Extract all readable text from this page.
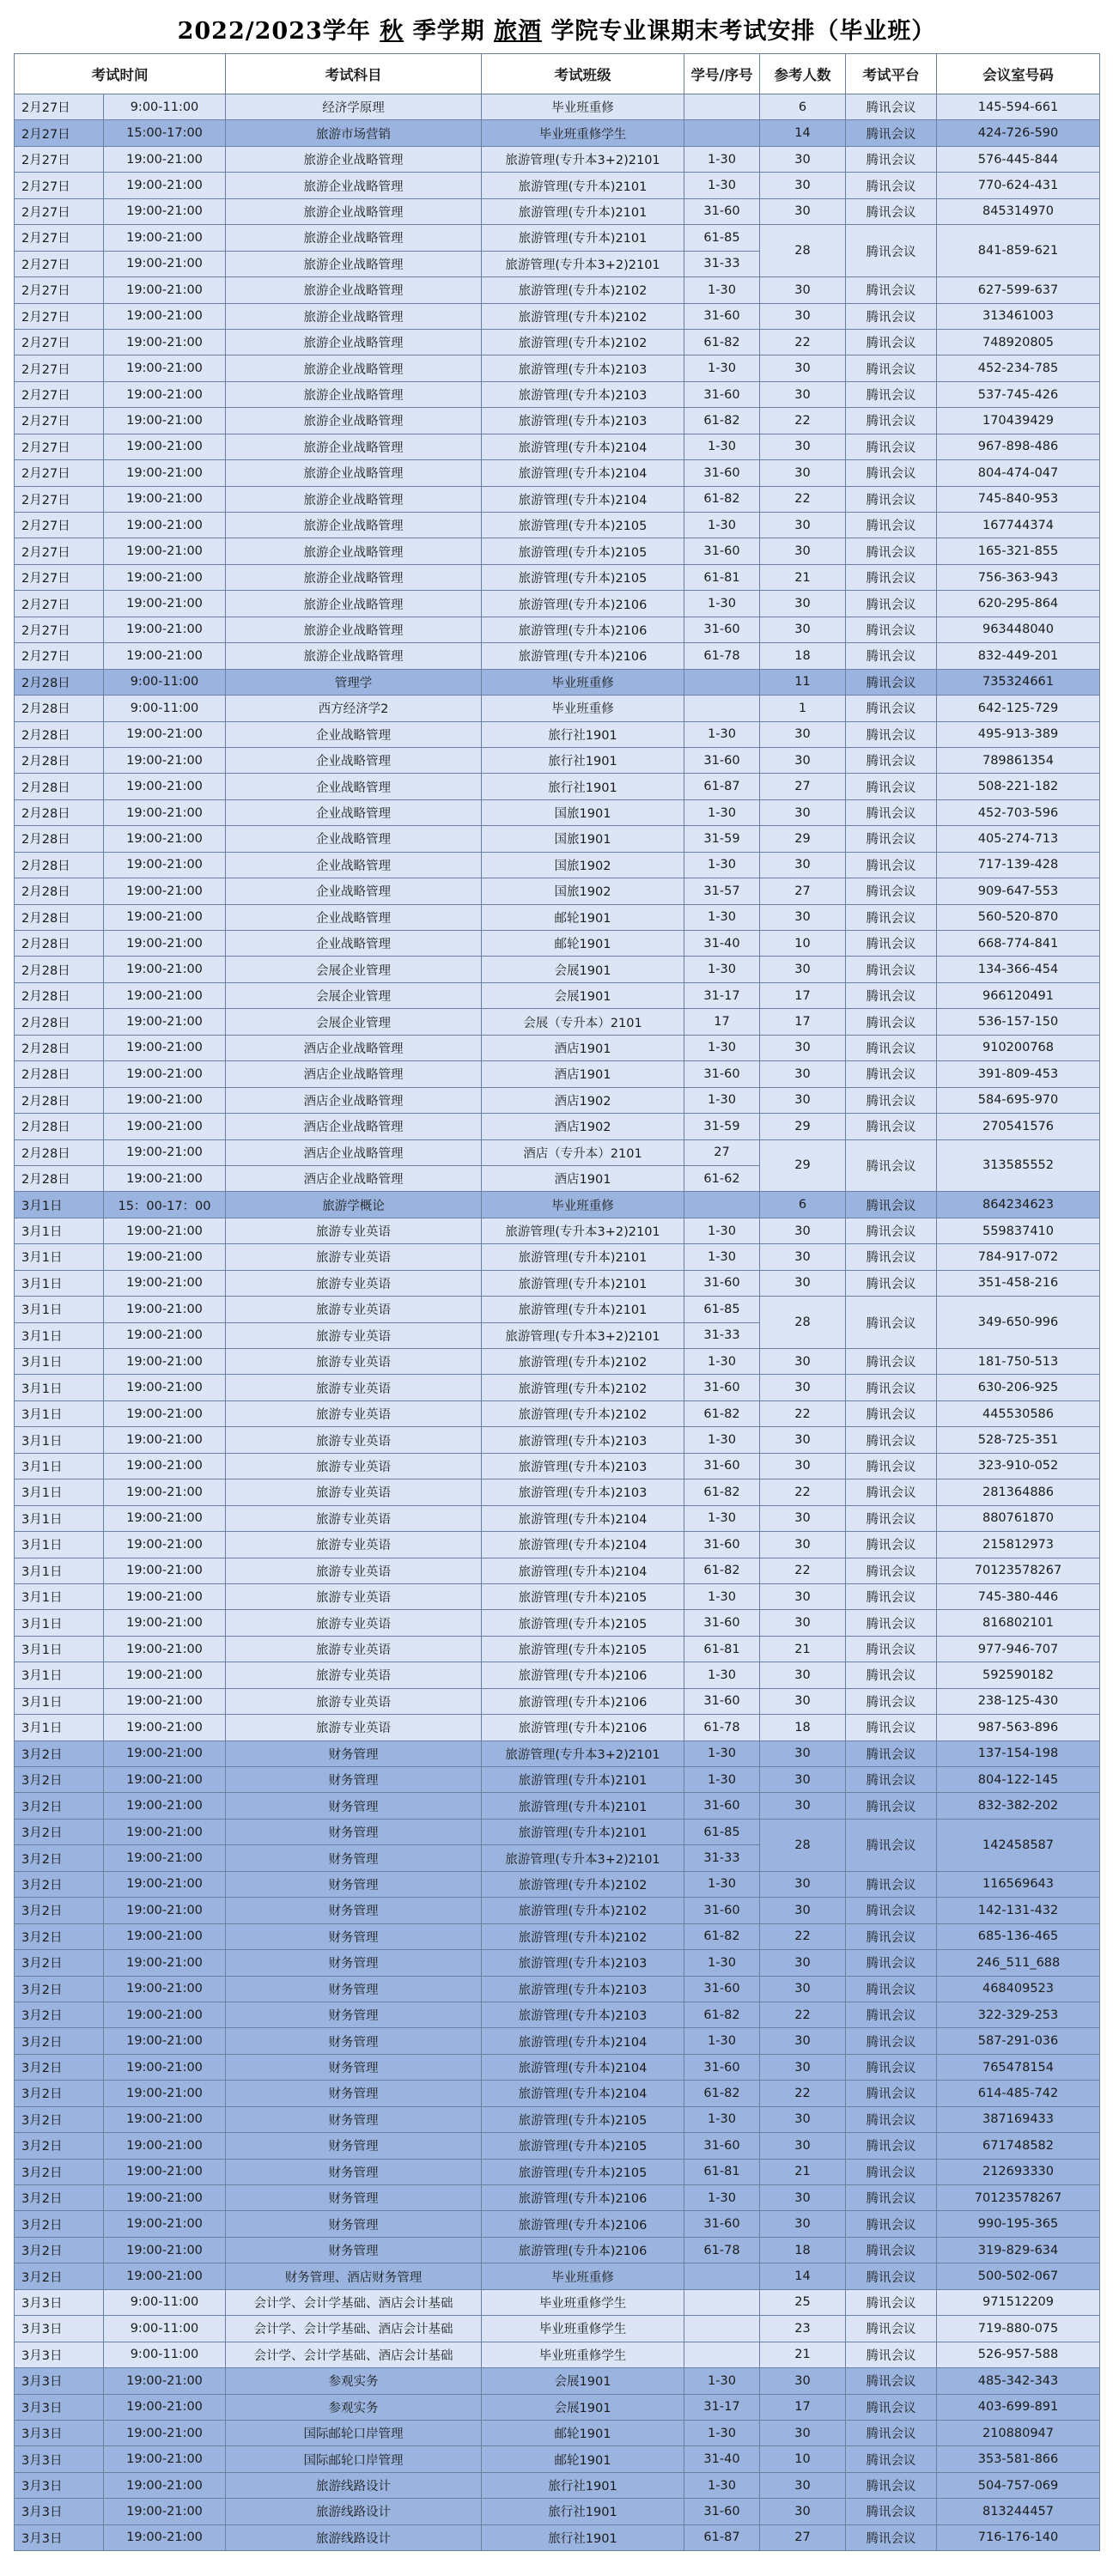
2022/2023学年 秋 季学期 旅酒 学院专业课期末考试安排（毕业班）
考试时间		考试科目	考试班级	学号/序号	参考人数	考试平台	会议室号码
2月27日	9:00-11:00	经济学原理	毕业班重修		6	腾讯会议	145-594-661
2月27日	15:00-17:00	旅游市场营销	毕业班重修学生		14	腾讯会议	424-726-590
2月27日	19:00-21:00	旅游企业战略管理	旅游管理(专升本3+2)2101	1-30	30	腾讯会议	576-445-844
2月27日	19:00-21:00	旅游企业战略管理	旅游管理(专升本)2101	1-30	30	腾讯会议	770-624-431
2月27日	19:00-21:00	旅游企业战略管理	旅游管理(专升本)2101	31-60	30	腾讯会议	845314970
2月27日	19:00-21:00	旅游企业战略管理	旅游管理(专升本)2101	61-85	28	腾讯会议	841-859-621
2月27日	19:00-21:00	旅游企业战略管理	旅游管理(专升本3+2)2101	31-33			
2月27日	19:00-21:00	旅游企业战略管理	旅游管理(专升本)2102	1-30	30	腾讯会议	627-599-637
2月27日	19:00-21:00	旅游企业战略管理	旅游管理(专升本)2102	31-60	30	腾讯会议	313461003
2月27日	19:00-21:00	旅游企业战略管理	旅游管理(专升本)2102	61-82	22	腾讯会议	748920805
2月27日	19:00-21:00	旅游企业战略管理	旅游管理(专升本)2103	1-30	30	腾讯会议	452-234-785
2月27日	19:00-21:00	旅游企业战略管理	旅游管理(专升本)2103	31-60	30	腾讯会议	537-745-426
2月27日	19:00-21:00	旅游企业战略管理	旅游管理(专升本)2103	61-82	22	腾讯会议	170439429
2月27日	19:00-21:00	旅游企业战略管理	旅游管理(专升本)2104	1-30	30	腾讯会议	967-898-486
2月27日	19:00-21:00	旅游企业战略管理	旅游管理(专升本)2104	31-60	30	腾讯会议	804-474-047
2月27日	19:00-21:00	旅游企业战略管理	旅游管理(专升本)2104	61-82	22	腾讯会议	745-840-953
2月27日	19:00-21:00	旅游企业战略管理	旅游管理(专升本)2105	1-30	30	腾讯会议	167744374
2月27日	19:00-21:00	旅游企业战略管理	旅游管理(专升本)2105	31-60	30	腾讯会议	165-321-855
2月27日	19:00-21:00	旅游企业战略管理	旅游管理(专升本)2105	61-81	21	腾讯会议	756-363-943
2月27日	19:00-21:00	旅游企业战略管理	旅游管理(专升本)2106	1-30	30	腾讯会议	620-295-864
2月27日	19:00-21:00	旅游企业战略管理	旅游管理(专升本)2106	31-60	30	腾讯会议	963448040
2月27日	19:00-21:00	旅游企业战略管理	旅游管理(专升本)2106	61-78	18	腾讯会议	832-449-201
2月28日	9:00-11:00	管理学	毕业班重修		11	腾讯会议	735324661
2月28日	9:00-11:00	西方经济学2	毕业班重修		1	腾讯会议	642-125-729
2月28日	19:00-21:00	企业战略管理	旅行社1901	1-30	30	腾讯会议	495-913-389
2月28日	19:00-21:00	企业战略管理	旅行社1901	31-60	30	腾讯会议	789861354
2月28日	19:00-21:00	企业战略管理	旅行社1901	61-87	27	腾讯会议	508-221-182
2月28日	19:00-21:00	企业战略管理	国旅1901	1-30	30	腾讯会议	452-703-596
2月28日	19:00-21:00	企业战略管理	国旅1901	31-59	29	腾讯会议	405-274-713
2月28日	19:00-21:00	企业战略管理	国旅1902	1-30	30	腾讯会议	717-139-428
2月28日	19:00-21:00	企业战略管理	国旅1902	31-57	27	腾讯会议	909-647-553
2月28日	19:00-21:00	企业战略管理	邮轮1901	1-30	30	腾讯会议	560-520-870
2月28日	19:00-21:00	企业战略管理	邮轮1901	31-40	10	腾讯会议	668-774-841
2月28日	19:00-21:00	会展企业管理	会展1901	1-30	30	腾讯会议	134-366-454
2月28日	19:00-21:00	会展企业管理	会展1901	31-17	17	腾讯会议	966120491
2月28日	19:00-21:00	会展企业管理	会展（专升本）2101	17	17	腾讯会议	536-157-150
2月28日	19:00-21:00	酒店企业战略管理	酒店1901	1-30	30	腾讯会议	910200768
2月28日	19:00-21:00	酒店企业战略管理	酒店1901	31-60	30	腾讯会议	391-809-453
2月28日	19:00-21:00	酒店企业战略管理	酒店1902	1-30	30	腾讯会议	584-695-970
2月28日	19:00-21:00	酒店企业战略管理	酒店1902	31-59	29	腾讯会议	270541576
2月28日	19:00-21:00	酒店企业战略管理	酒店（专升本）2101	27	29	腾讯会议	313585552
2月28日	19:00-21:00	酒店企业战略管理	酒店1901	61-62			
3月1日	15：00-17：00	旅游学概论	毕业班重修		6	腾讯会议	864234623
3月1日	19:00-21:00	旅游专业英语	旅游管理(专升本3+2)2101	1-30	30	腾讯会议	559837410
3月1日	19:00-21:00	旅游专业英语	旅游管理(专升本)2101	1-30	30	腾讯会议	784-917-072
3月1日	19:00-21:00	旅游专业英语	旅游管理(专升本)2101	31-60	30	腾讯会议	351-458-216
3月1日	19:00-21:00	旅游专业英语	旅游管理(专升本)2101	61-85	28	腾讯会议	349-650-996
3月1日	19:00-21:00	旅游专业英语	旅游管理(专升本3+2)2101	31-33			
3月1日	19:00-21:00	旅游专业英语	旅游管理(专升本)2102	1-30	30	腾讯会议	181-750-513
3月1日	19:00-21:00	旅游专业英语	旅游管理(专升本)2102	31-60	30	腾讯会议	630-206-925
3月1日	19:00-21:00	旅游专业英语	旅游管理(专升本)2102	61-82	22	腾讯会议	445530586
3月1日	19:00-21:00	旅游专业英语	旅游管理(专升本)2103	1-30	30	腾讯会议	528-725-351
3月1日	19:00-21:00	旅游专业英语	旅游管理(专升本)2103	31-60	30	腾讯会议	323-910-052
3月1日	19:00-21:00	旅游专业英语	旅游管理(专升本)2103	61-82	22	腾讯会议	281364886
3月1日	19:00-21:00	旅游专业英语	旅游管理(专升本)2104	1-30	30	腾讯会议	880761870
3月1日	19:00-21:00	旅游专业英语	旅游管理(专升本)2104	31-60	30	腾讯会议	215812973
3月1日	19:00-21:00	旅游专业英语	旅游管理(专升本)2104	61-82	22	腾讯会议	70123578267
3月1日	19:00-21:00	旅游专业英语	旅游管理(专升本)2105	1-30	30	腾讯会议	745-380-446
3月1日	19:00-21:00	旅游专业英语	旅游管理(专升本)2105	31-60	30	腾讯会议	816802101
3月1日	19:00-21:00	旅游专业英语	旅游管理(专升本)2105	61-81	21	腾讯会议	977-946-707
3月1日	19:00-21:00	旅游专业英语	旅游管理(专升本)2106	1-30	30	腾讯会议	592590182
3月1日	19:00-21:00	旅游专业英语	旅游管理(专升本)2106	31-60	30	腾讯会议	238-125-430
3月1日	19:00-21:00	旅游专业英语	旅游管理(专升本)2106	61-78	18	腾讯会议	987-563-896
3月2日	19:00-21:00	财务管理	旅游管理(专升本3+2)2101	1-30	30	腾讯会议	137-154-198
3月2日	19:00-21:00	财务管理	旅游管理(专升本)2101	1-30	30	腾讯会议	804-122-145
3月2日	19:00-21:00	财务管理	旅游管理(专升本)2101	31-60	30	腾讯会议	832-382-202
3月2日	19:00-21:00	财务管理	旅游管理(专升本)2101	61-85	28	腾讯会议	142458587
3月2日	19:00-21:00	财务管理	旅游管理(专升本3+2)2101	31-33			
3月2日	19:00-21:00	财务管理	旅游管理(专升本)2102	1-30	30	腾讯会议	116569643
3月2日	19:00-21:00	财务管理	旅游管理(专升本)2102	31-60	30	腾讯会议	142-131-432
3月2日	19:00-21:00	财务管理	旅游管理(专升本)2102	61-82	22	腾讯会议	685-136-465
3月2日	19:00-21:00	财务管理	旅游管理(专升本)2103	1-30	30	腾讯会议	246_511_688
3月2日	19:00-21:00	财务管理	旅游管理(专升本)2103	31-60	30	腾讯会议	468409523
3月2日	19:00-21:00	财务管理	旅游管理(专升本)2103	61-82	22	腾讯会议	322-329-253
3月2日	19:00-21:00	财务管理	旅游管理(专升本)2104	1-30	30	腾讯会议	587-291-036
3月2日	19:00-21:00	财务管理	旅游管理(专升本)2104	31-60	30	腾讯会议	765478154
3月2日	19:00-21:00	财务管理	旅游管理(专升本)2104	61-82	22	腾讯会议	614-485-742
3月2日	19:00-21:00	财务管理	旅游管理(专升本)2105	1-30	30	腾讯会议	387169433
3月2日	19:00-21:00	财务管理	旅游管理(专升本)2105	31-60	30	腾讯会议	671748582
3月2日	19:00-21:00	财务管理	旅游管理(专升本)2105	61-81	21	腾讯会议	212693330
3月2日	19:00-21:00	财务管理	旅游管理(专升本)2106	1-30	30	腾讯会议	70123578267
3月2日	19:00-21:00	财务管理	旅游管理(专升本)2106	31-60	30	腾讯会议	990-195-365
3月2日	19:00-21:00	财务管理	旅游管理(专升本)2106	61-78	18	腾讯会议	319-829-634
3月2日	19:00-21:00	财务管理、酒店财务管理	毕业班重修		14	腾讯会议	500-502-067
3月3日	9:00-11:00	会计学、会计学基础、酒店会计基础	毕业班重修学生		25	腾讯会议	971512209
3月3日	9:00-11:00	会计学、会计学基础、酒店会计基础	毕业班重修学生		23	腾讯会议	719-880-075
3月3日	9:00-11:00	会计学、会计学基础、酒店会计基础	毕业班重修学生		21	腾讯会议	526-957-588
3月3日	19:00-21:00	参观实务	会展1901	1-30	30	腾讯会议	485-342-343
3月3日	19:00-21:00	参观实务	会展1901	31-17	17	腾讯会议	403-699-891
3月3日	19:00-21:00	国际邮轮口岸管理	邮轮1901	1-30	30	腾讯会议	210880947
3月3日	19:00-21:00	国际邮轮口岸管理	邮轮1901	31-40	10	腾讯会议	353-581-866
3月3日	19:00-21:00	旅游线路设计	旅行社1901	1-30	30	腾讯会议	504-757-069
3月3日	19:00-21:00	旅游线路设计	旅行社1901	31-60	30	腾讯会议	813244457
3月3日	19:00-21:00	旅游线路设计	旅行社1901	61-87	27	腾讯会议	716-176-140
